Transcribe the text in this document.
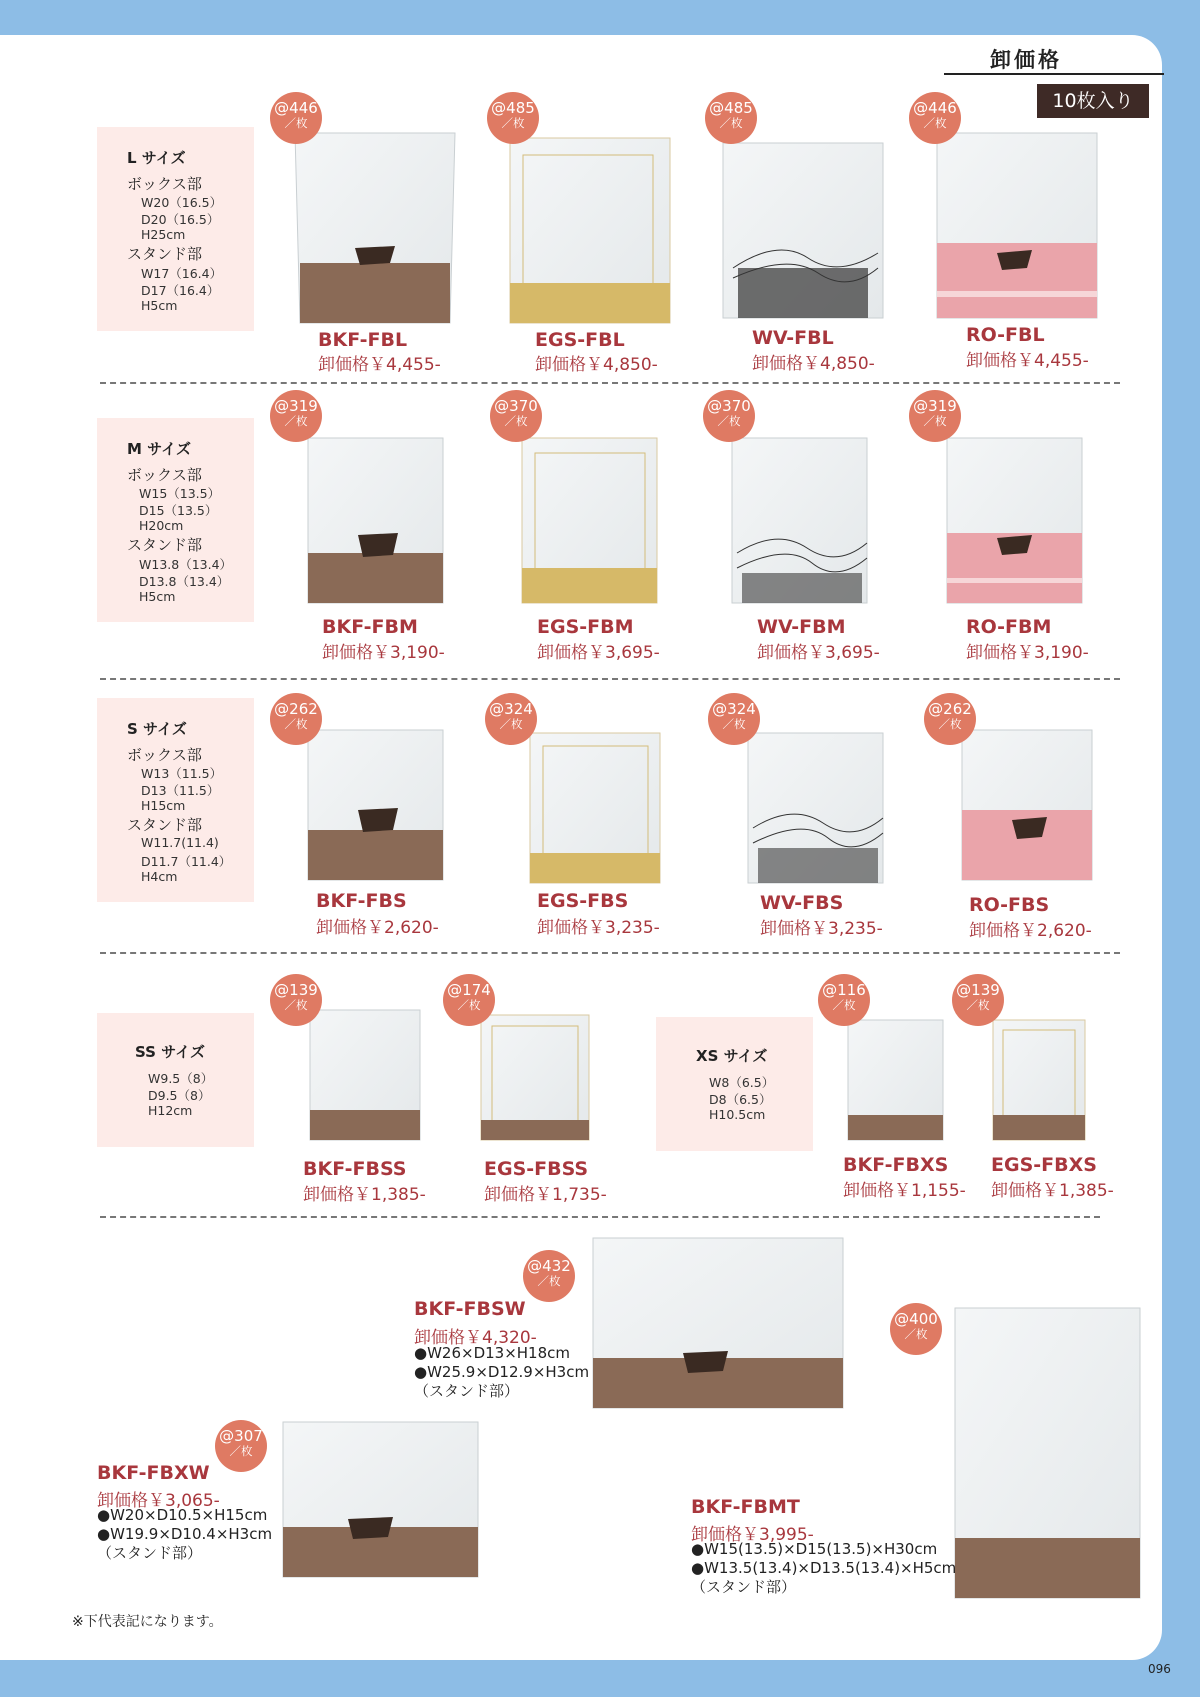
卸価格
10枚入り
L サイズ
ボックス部
W20（16.5）
D20（16.5）
H25cm
スタンド部
W17（16.4）
D17（16.4）
H5cm
M サイズ
ボックス部
W15（13.5）
D15（13.5）
H20cm
スタンド部
W13.8（13.4）
D13.8（13.4）
H5cm
S サイズ
ボックス部
W13（11.5）
D13（11.5）
H15cm
スタンド部
W11.7(11.4)
D11.7（11.4）
H4cm
SS サイズ
W9.5（8）
D9.5（8）
H12cm
XS サイズ
W8（6.5）
D8（6.5）
H10.5cm
@446
／枚
@485
／枚
@485
／枚
@446
／枚
@319
／枚
@370
／枚
@370
／枚
@319
／枚
@262
／枚
@324
／枚
@324
／枚
@262
／枚
@139
／枚
@174
／枚
@116
／枚
@139
／枚
@432
／枚
@400
／枚
@307
／枚
BKF-FBL
卸価格￥4,455-
EGS-FBL
卸価格￥4,850-
WV-FBL
卸価格￥4,850-
RO-FBL
卸価格￥4,455-
BKF-FBM
卸価格￥3,190-
EGS-FBM
卸価格￥3,695-
WV-FBM
卸価格￥3,695-
RO-FBM
卸価格￥3,190-
BKF-FBS
卸価格￥2,620-
EGS-FBS
卸価格￥3,235-
WV-FBS
卸価格￥3,235-
RO-FBS
卸価格￥2,620-
BKF-FBSS
卸価格￥1,385-
EGS-FBSS
卸価格￥1,735-
BKF-FBXS
卸価格￥1,155-
EGS-FBXS
卸価格￥1,385-
BKF-FBSW
卸価格￥4,320-
●W26×D13×H18cm
●W25.9×D12.9×H3cm
（スタンド部）
BKF-FBXW
卸価格￥3,065-
●W20×D10.5×H15cm
●W19.9×D10.4×H3cm
（スタンド部）
BKF-FBMT
卸価格￥3,995-
●W15(13.5)×D15(13.5)×H30cm
●W13.5(13.4)×D13.5(13.4)×H5cm
（スタンド部）
※下代表記になります。
096
